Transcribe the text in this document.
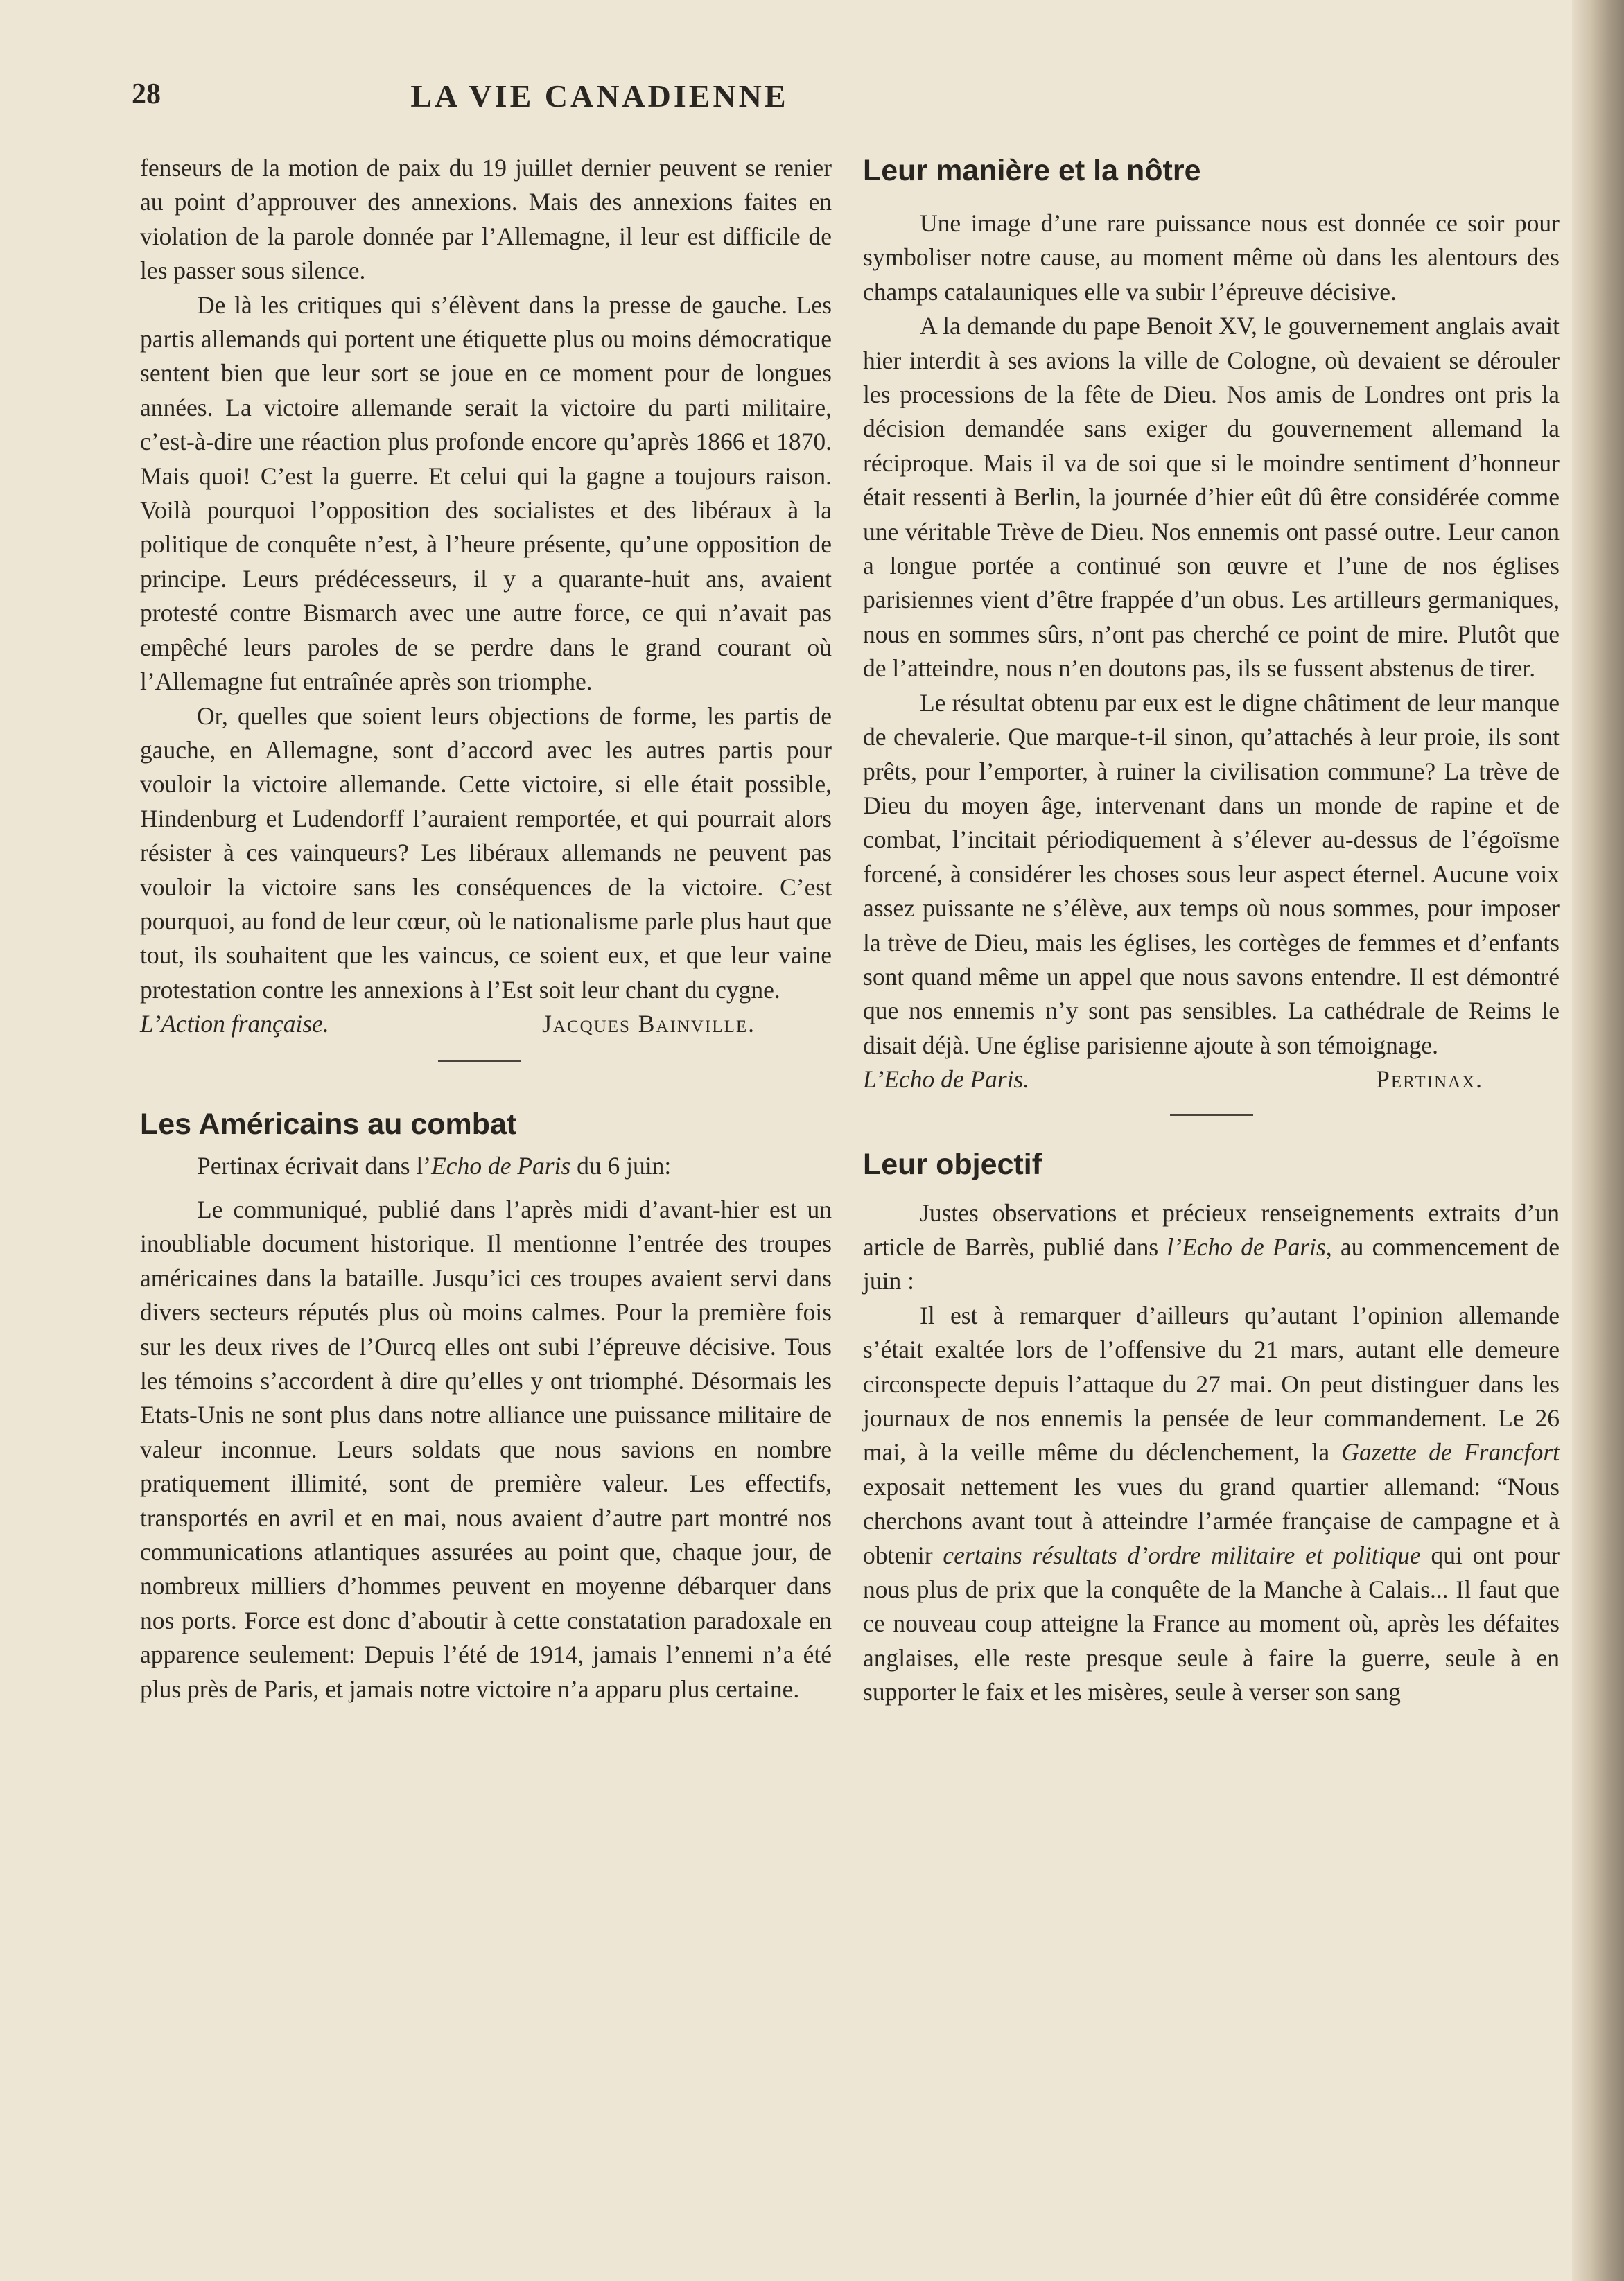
28	LA VIE CANADIENNE

fenseurs de la motion de paix du 19 juillet dernier peuvent se renier au point d’approuver des annexions. Mais des annexions faites en violation de la parole donnée par l’Allemagne, il leur est difficile de les passer sous silence.

De là les critiques qui s’élèvent dans la presse de gauche. Les partis allemands qui portent une étiquette plus ou moins démocratique sentent bien que leur sort se joue en ce moment pour de longues années. La victoire allemande serait la victoire du parti militaire, c’est-à-dire une réaction plus profonde encore qu’après 1866 et 1870. Mais quoi! C’est la guerre. Et celui qui la gagne a toujours raison. Voilà pourquoi l’opposition des socialistes et des libéraux à la politique de conquête n’est, à l’heure présente, qu’une opposition de principe. Leurs prédécesseurs, il y a quarante-huit ans, avaient protesté contre Bismarch avec une autre force, ce qui n’avait pas empêché leurs paroles de se perdre dans le grand courant où l’Allemagne fut entraînée après son triomphe.

Or, quelles que soient leurs objections de forme, les partis de gauche, en Allemagne, sont d’accord avec les autres partis pour vouloir la victoire allemande. Cette victoire, si elle était possible, Hindenburg et Ludendorff l’auraient remportée, et qui pourrait alors résister à ces vainqueurs? Les libéraux allemands ne peuvent pas vouloir la victoire sans les conséquences de la victoire. C’est pourquoi, au fond de leur cœur, où le nationalisme parle plus haut que tout, ils souhaitent que les vaincus, ce soient eux, et que leur vaine protestation contre les annexions à l’Est soit leur chant du cygne.

L’Action française.	Jacques Bainville.
Les Américains au combat

Pertinax écrivait dans l’Echo de Paris du 6 juin:

Le communiqué, publié dans l’après midi d’avant-hier est un inoubliable document historique. Il mentionne l’entrée des troupes américaines dans la bataille. Jusqu’ici ces troupes avaient servi dans divers secteurs réputés plus où moins calmes. Pour la première fois sur les deux rives de l’Ourcq elles ont subi l’épreuve décisive. Tous les témoins s’accordent à dire qu’elles y ont triomphé. Désormais les Etats-Unis ne sont plus dans notre alliance une puissance militaire de valeur inconnue. Leurs soldats que nous savions en nombre pratiquement illimité, sont de première valeur. Les effectifs, transportés en avril et en mai, nous avaient d’autre part montré nos communications atlantiques assurées au point que, chaque jour, de nombreux milliers d’hommes peuvent en moyenne débarquer dans nos ports. Force est donc d’aboutir à cette constatation paradoxale en apparence seulement: Depuis l’été de 1914, jamais l’ennemi n’a été plus près de Paris, et jamais notre victoire n’a apparu plus certaine.

Leur manière et la nôtre

Une image d’une rare puissance nous est donnée ce soir pour symboliser notre cause, au moment même où dans les alentours des champs catalauniques elle va subir l’épreuve décisive.

A la demande du pape Benoit XV, le gouvernement anglais avait hier interdit à ses avions la ville de Cologne, où devaient se dérouler les processions de la fête de Dieu. Nos amis de Londres ont pris la décision demandée sans exiger du gouvernement allemand la réciproque. Mais il va de soi que si le moindre sentiment d’honneur était ressenti à Berlin, la journée d’hier eût dû être considérée comme une véritable Trève de Dieu. Nos ennemis ont passé outre. Leur canon a longue portée a continué son œuvre et l’une de nos églises parisiennes vient d’être frappée d’un obus. Les artilleurs germaniques, nous en sommes sûrs, n’ont pas cherché ce point de mire. Plutôt que de l’atteindre, nous n’en doutons pas, ils se fussent abstenus de tirer.

Le résultat obtenu par eux est le digne châtiment de leur manque de chevalerie. Que marque-t-il sinon, qu’attachés à leur proie, ils sont prêts, pour l’emporter, à ruiner la civilisation commune? La trève de Dieu du moyen âge, intervenant dans un monde de rapine et de combat, l’incitait périodiquement à s’élever au-dessus de l’égoïsme forcené, à considérer les choses sous leur aspect éternel. Aucune voix assez puissante ne s’élève, aux temps où nous sommes, pour imposer la trève de Dieu, mais les églises, les cortèges de femmes et d’enfants sont quand même un appel que nous savons entendre. Il est démontré que nos ennemis n’y sont pas sensibles. La cathédrale de Reims le disait déjà. Une église parisienne ajoute à son témoignage.

L’Echo de Paris.	Pertinax.
Leur objectif

Justes observations et précieux renseignements extraits d’un article de Barrès, publié dans l’Echo de Paris, au commencement de juin :

Il est à remarquer d’ailleurs qu’autant l’opinion allemande s’était exaltée lors de l’offensive du 21 mars, autant elle demeure circonspecte depuis l’attaque du 27 mai. On peut distinguer dans les journaux de nos ennemis la pensée de leur commandement. Le 26 mai, à la veille même du déclenchement, la Gazette de Francfort exposait nettement les vues du grand quartier allemand: “Nous cherchons avant tout à atteindre l’armée française de campagne et à obtenir certains résultats d’ordre militaire et politique qui ont pour nous plus de prix que la conquête de la Manche à Calais... Il faut que ce nouveau coup atteigne la France au moment où, après les défaites anglaises, elle reste presque seule à faire la guerre, seule à en supporter le faix et les misères, seule à verser son sang
